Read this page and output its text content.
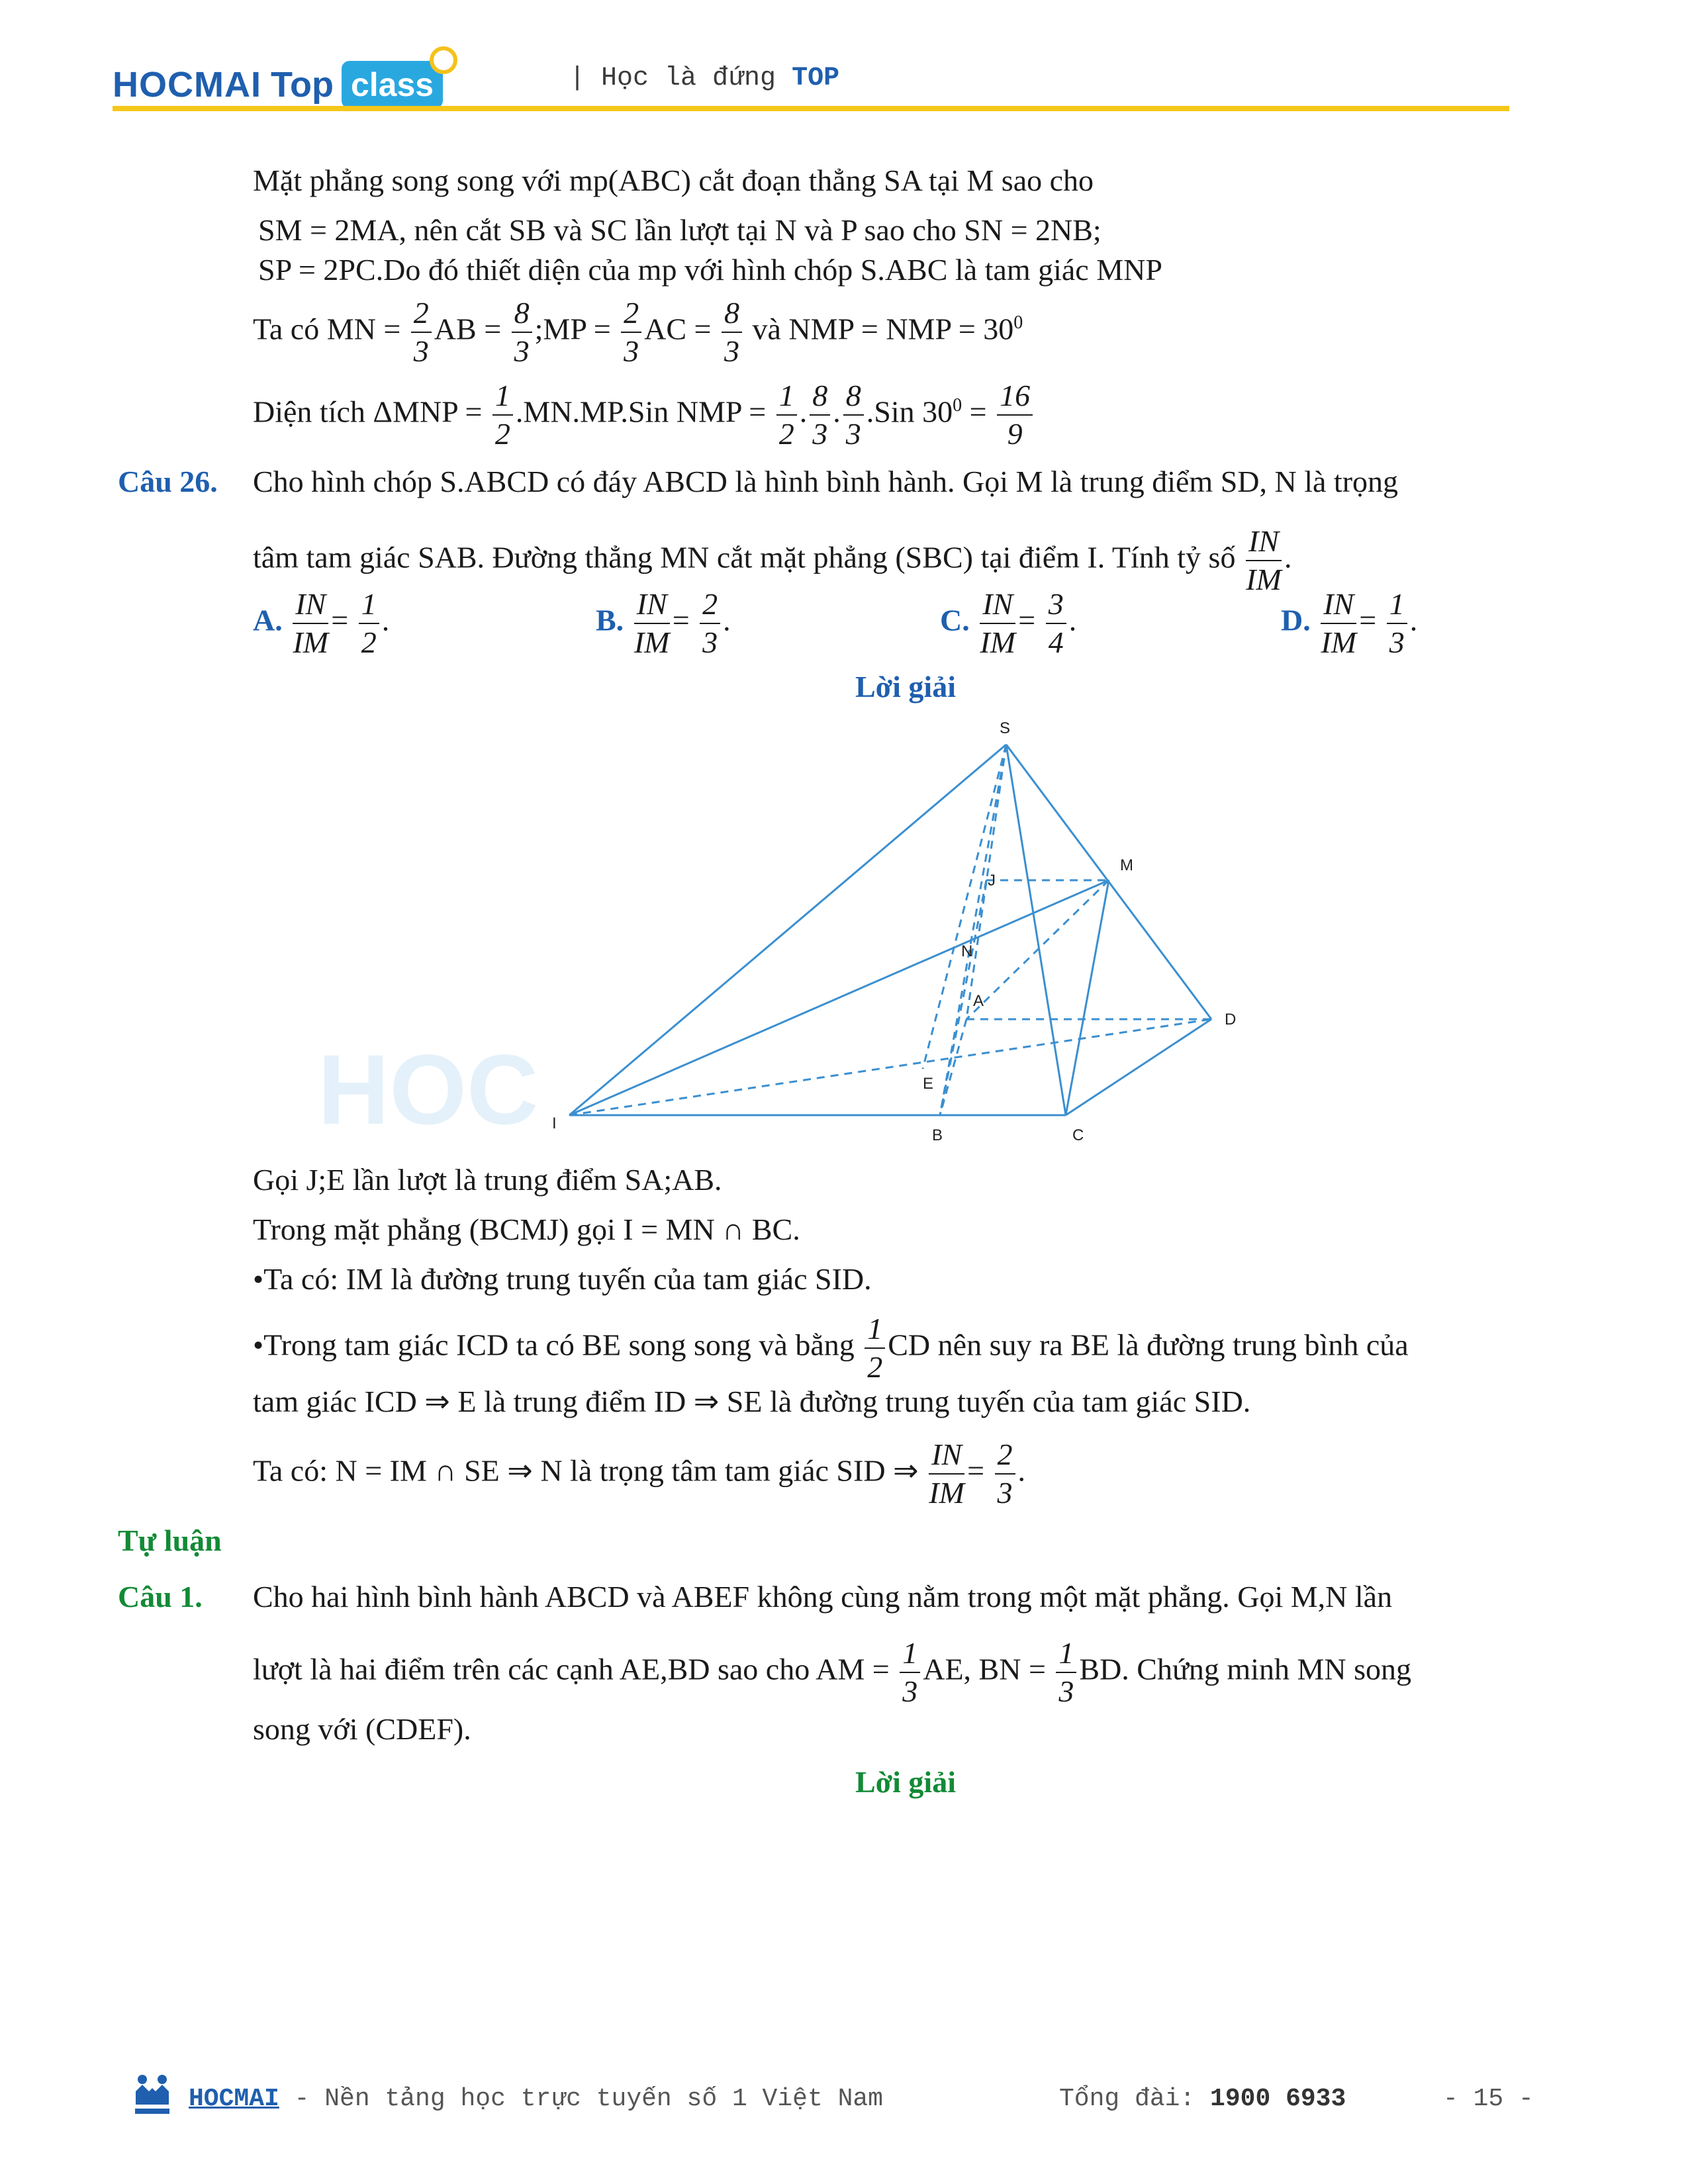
HOCMAI Top class	| Học là đứng TOP
Mặt phẳng song song với mp(ABC) cắt đoạn thẳng SA tại M sao cho
SM = 2MA, nên cắt SB và SC lần lượt tại N và P sao cho SN = 2NB;
SP = 2PC.Do đó thiết diện của mp với hình chóp S.ABC là tam giác MNP
Ta có MN = $\frac{2}{3}$ AB = $\frac{8}{3}$ ;MP = $\frac{2}{3}$ AC = $\frac{8}{3}$ và NMP = NMP = $30^0$
Diện tích $\Delta MNP = \frac{1}{2} .MN.MP.Sin$ NMP = $\frac{1}{2}$ . $\frac{8}{3}$ . $\frac{8}{3} .Sin$ $30^0 = \frac{16}{9}$
Câu 26. Cho hình chóp S.ABCD có đáy ABCD là hình bình hành. Gọi M là trung điểm SD, N là trọng
tâm tam giác SAB. Đường thẳng MN cắt mặt phẳng (SBC) tại điểm I. Tính tỷ số $\frac{IN}{IM}$ .
A. $\frac{IN}{IM} = \frac{1}{2}$ .	B. $\frac{IN}{IM} = \frac{2}{3}$ .	C. $\frac{IN}{IM} = \frac{3}{4}$ .	D. $\frac{IN}{IM} = \frac{1}{3}$ .
Lời giải
HOC
S
M
J
N
A
D
E
I
B	C
Gọi J;E lần lượt là trung điểm SA;AB.
Trong mặt phẳng (BCMJ) gọi I = MN ∩ BC.
•Ta có: IM là đường trung tuyến của tam giác SID.
•Trong tam giác ICD ta có BE song song và bằng $\frac{1}{2}$ CD nên suy ra BE là đường trung bình của
tam giác ICD ⇒ E là trung điểm ID ⇒ SE là đường trung tuyến của tam giác SID.
Ta có: N = IM ∩ SE ⇒ N là trọng tâm tam giác SID ⇒ $\frac{IN}{IM} = \frac{2}{3}$ .
Tự luận
Câu 1. Cho hai hình bình hành ABCD và ABEF không cùng nằm trong một mặt phẳng. Gọi M,N lần
lượt là hai điểm trên các cạnh AE,BD sao cho AM = $\frac{1}{3}$ AE, BN = $\frac{1}{3}$ BD. Chứng minh MN song
song với (CDEF).
Lời giải
HOCMAI - Nền tảng học trực tuyến số 1 Việt Nam	Tổng đài: 1900 6933	- 15 -
